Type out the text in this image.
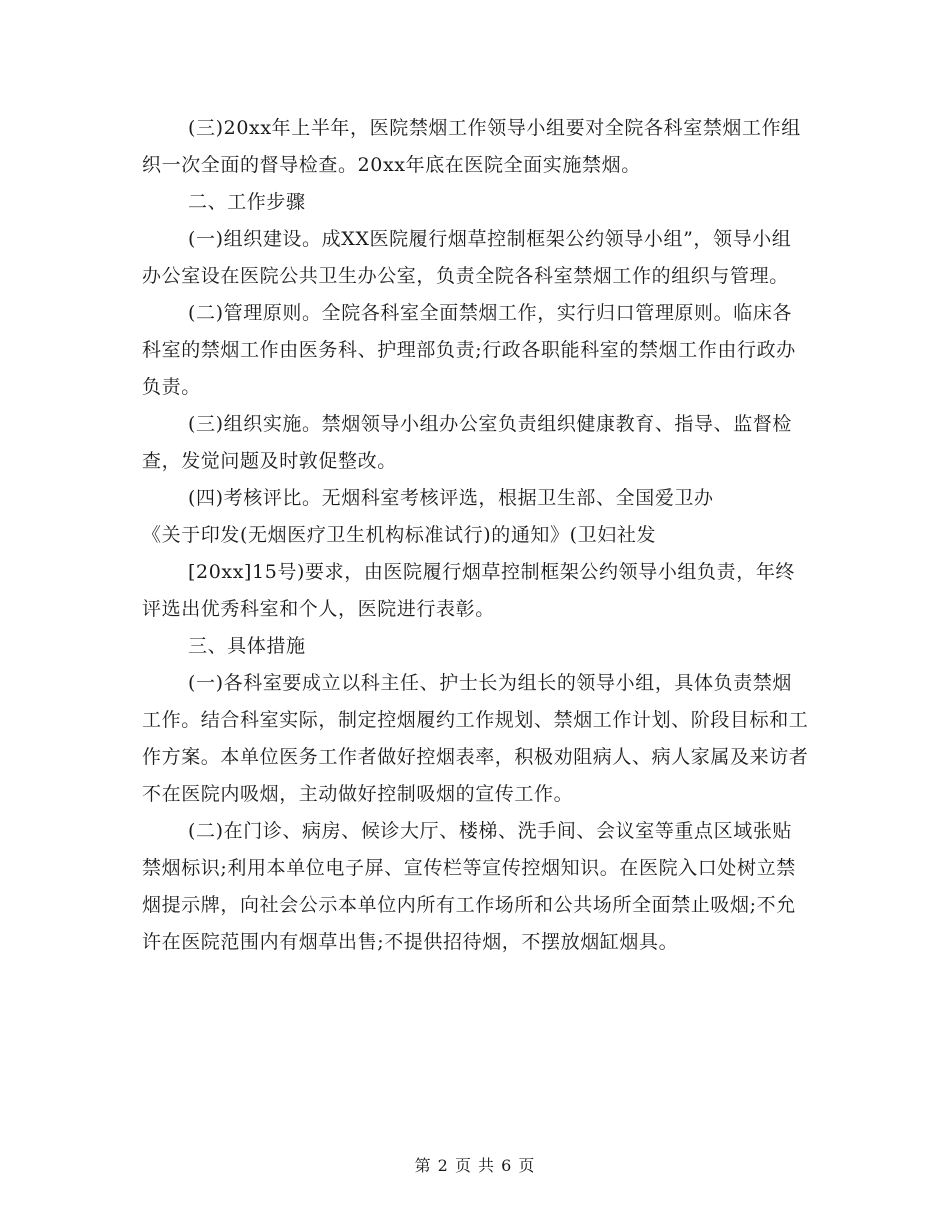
(三)20xx年上半年，医院禁烟工作领导小组要对全院各科室禁烟工作组织一次全面的督导检查。20xx年底在医院全面实施禁烟。

二、工作步骤

(一)组织建设。成XX医院履行烟草控制框架公约领导小组”，领导小组办公室设在医院公共卫生办公室，负责全院各科室禁烟工作的组织与管理。

(二)管理原则。全院各科室全面禁烟工作，实行归口管理原则。临床各科室的禁烟工作由医务科、护理部负责;行政各职能科室的禁烟工作由行政办负责。

(三)组织实施。禁烟领导小组办公室负责组织健康教育、指导、监督检查，发觉问题及时敦促整改。

(四)考核评比。无烟科室考核评选，根据卫生部、全国爱卫办

《关于印发(无烟医疗卫生机构标准试行)的通知》(卫妇社发

[20xx]15号)要求，由医院履行烟草控制框架公约领导小组负责，年终评选出优秀科室和个人，医院进行表彰。

三、具体措施

(一)各科室要成立以科主任、护士长为组长的领导小组，具体负责禁烟工作。结合科室实际，制定控烟履约工作规划、禁烟工作计划、阶段目标和工作方案。本单位医务工作者做好控烟表率，积极劝阻病人、病人家属及来访者不在医院内吸烟，主动做好控制吸烟的宣传工作。

(二)在门诊、病房、候诊大厅、楼梯、洗手间、会议室等重点区域张贴禁烟标识;利用本单位电子屏、宣传栏等宣传控烟知识。在医院入口处树立禁烟提示牌，向社会公示本单位内所有工作场所和公共场所全面禁止吸烟;不允许在医院范围内有烟草出售;不提供招待烟，不摆放烟缸烟具。

第 2 页 共 6 页
